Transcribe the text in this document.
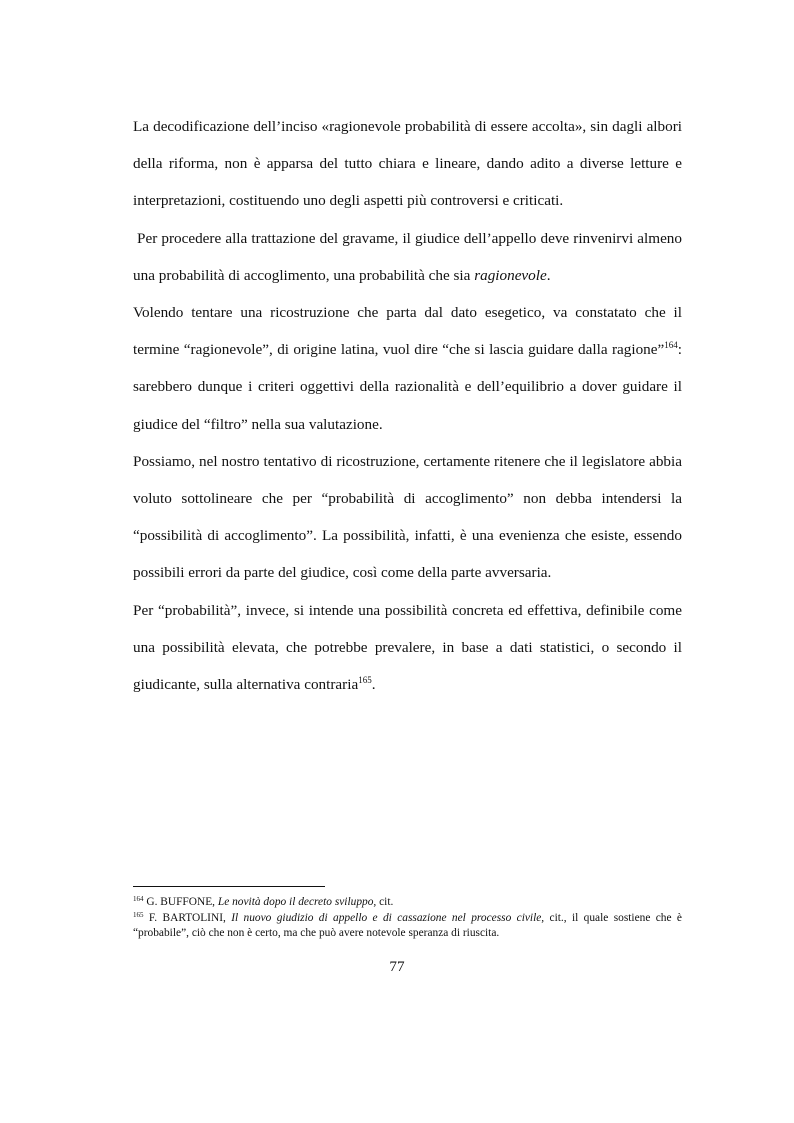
La decodificazione dell’inciso «ragionevole probabilità di essere accolta», sin dagli albori della riforma, non è apparsa del tutto chiara e lineare, dando adito a diverse letture e interpretazioni, costituendo uno degli aspetti più controversi e criticati.

Per procedere alla trattazione del gravame, il giudice dell’appello deve rinvenirvi almeno una probabilità di accoglimento, una probabilità che sia ragionevole.

Volendo tentare una ricostruzione che parta dal dato esegetico, va constatato che il termine “ragionevole”, di origine latina, vuol dire “che si lascia guidare dalla ragione”$^{164}$: sarebbero dunque i criteri oggettivi della razionalità e dell’equilibrio a dover guidare il giudice del “filtro” nella sua valutazione.

Possiamo, nel nostro tentativo di ricostruzione, certamente ritenere che il legislatore abbia voluto sottolineare che per “probabilità di accoglimento” non debba intendersi la “possibilità di accoglimento”. La possibilità, infatti, è una evenienza che esiste, essendo possibili errori da parte del giudice, così come della parte avversaria.

Per “probabilità”, invece, si intende una possibilità concreta ed effettiva, definibile come una possibilità elevata, che potrebbe prevalere, in base a dati statistici, o secondo il giudicante, sulla alternativa contraria$^{165}$.

$^{164}$ G. BUFFONE, Le novità dopo il decreto sviluppo, cit.

$^{165}$ F. BARTOLINI, Il nuovo giudizio di appello e di cassazione nel processo civile, cit., il quale sostiene che è “probabile”, ciò che non è certo, ma che può avere notevole speranza di riuscita.

77
